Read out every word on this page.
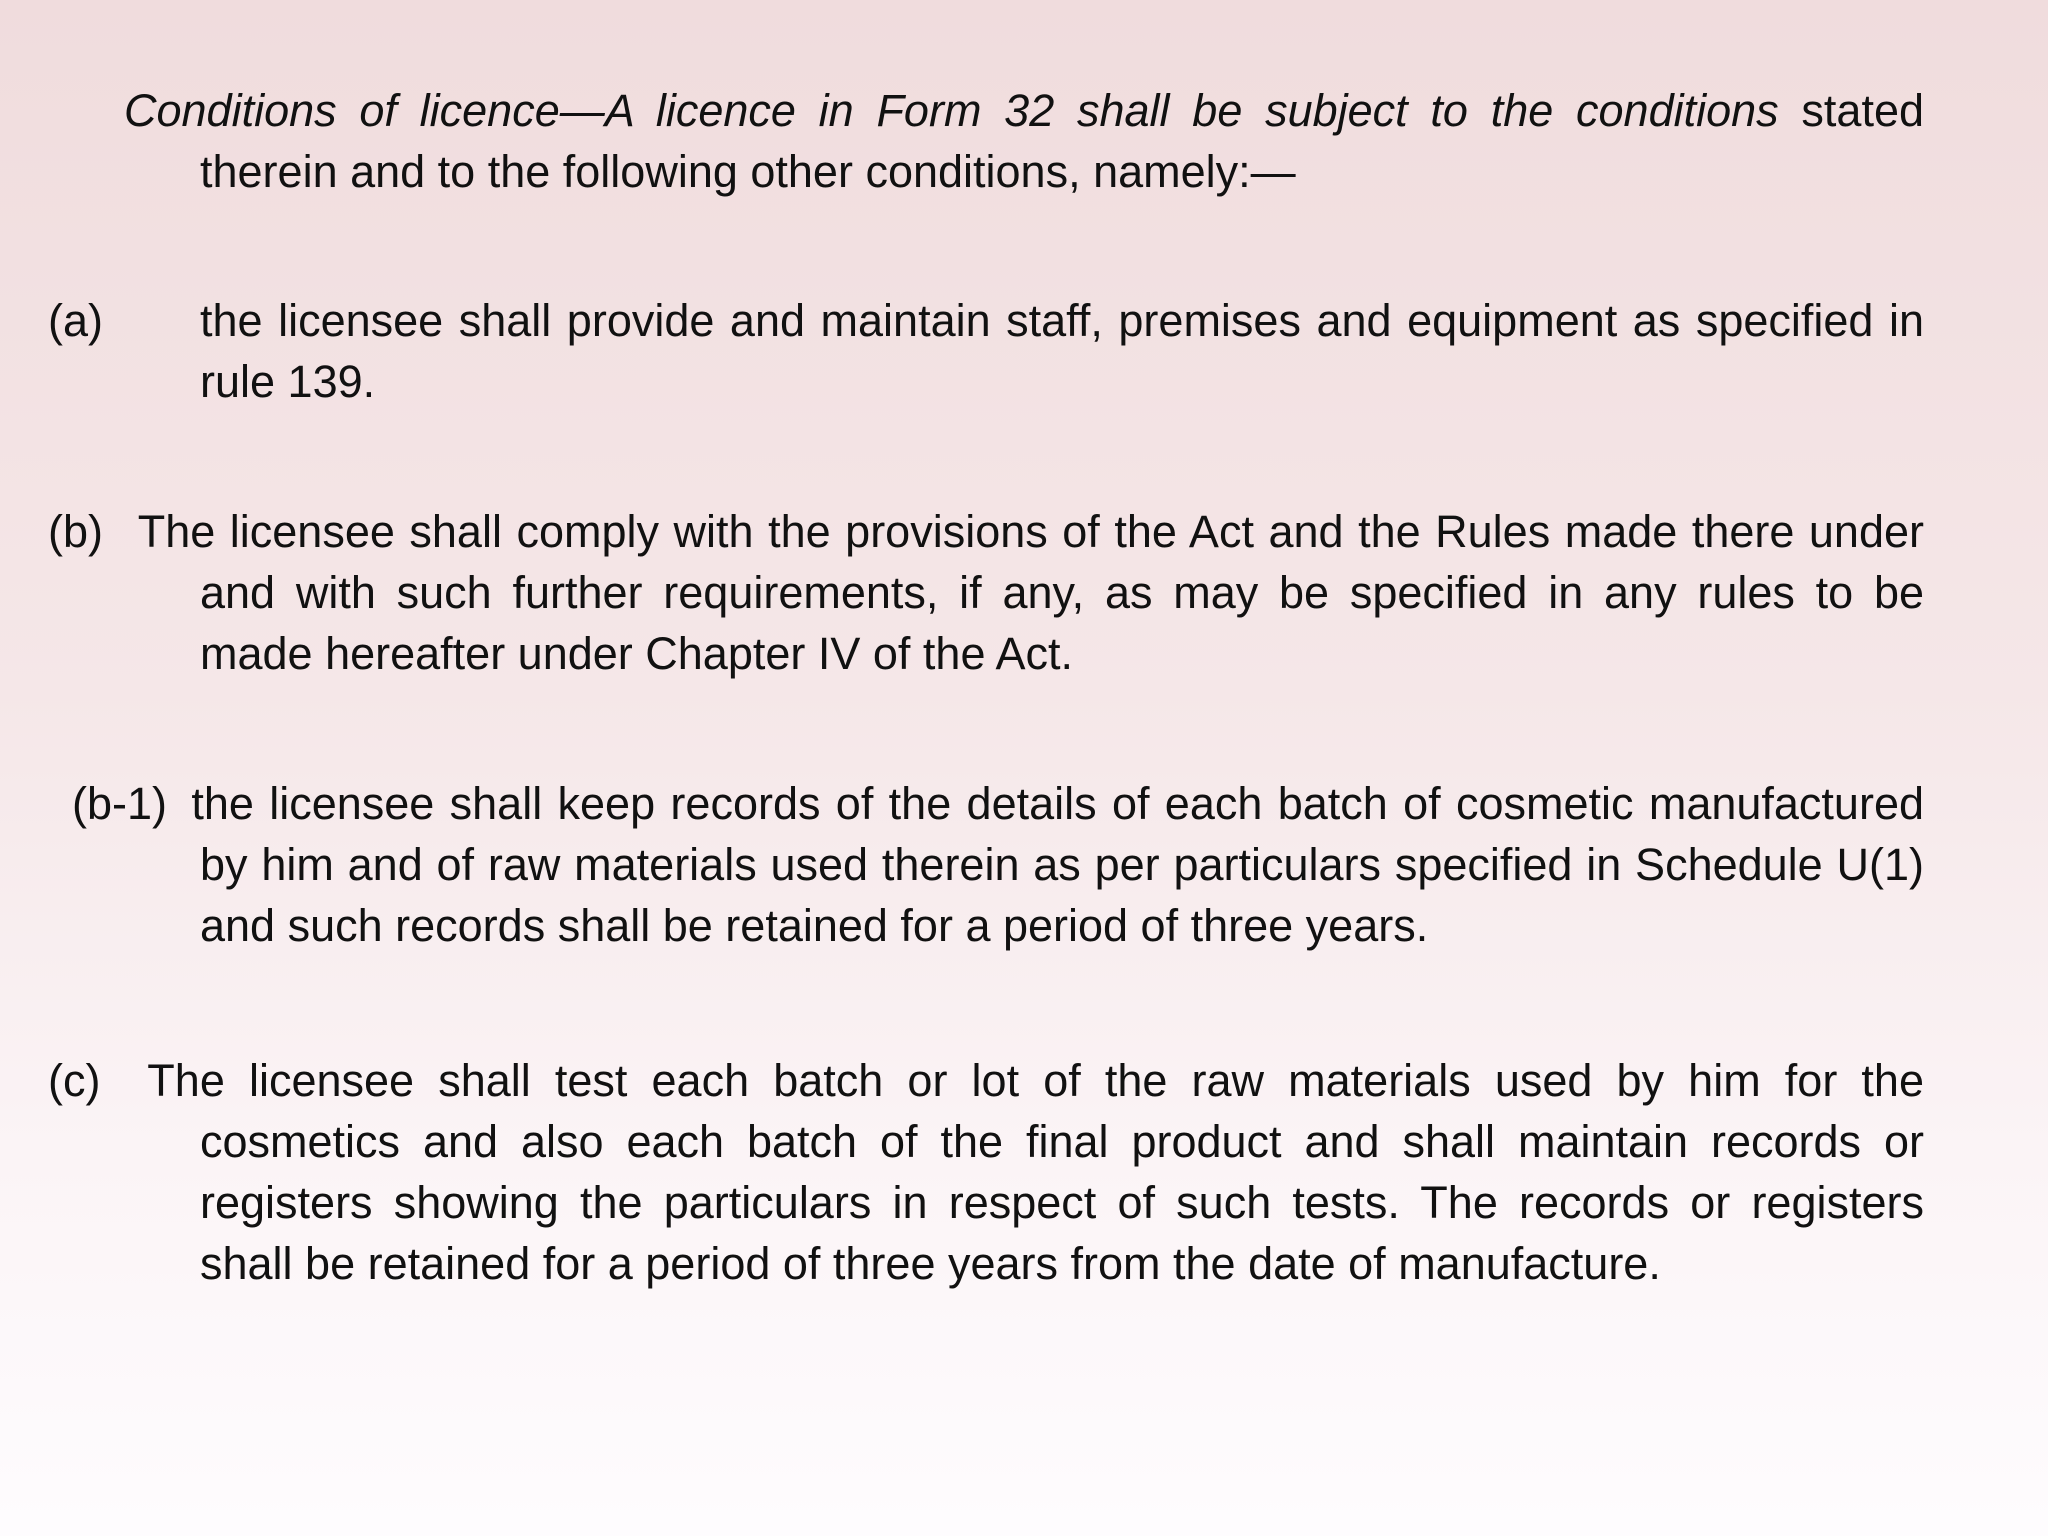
Conditions of licence—A licence in Form 32 shall be subject to the conditions stated therein and to the following other conditions, namely:—

(a) the licensee shall provide and maintain staff, premises and equipment as specified in rule 139.

(b) The licensee shall comply with the provisions of the Act and the Rules made there under and with such further requirements, if any, as may be specified in any rules to be made hereafter under Chapter IV of the Act.

(b-1) the licensee shall keep records of the details of each batch of cosmetic manufactured by him and of raw materials used therein as per particulars specified in Schedule U(1) and such records shall be retained for a period of three years.

(c) The licensee shall test each batch or lot of the raw materials used by him for the cosmetics and also each batch of the final product and shall maintain records or registers showing the particulars in respect of such tests. The records or registers shall be retained for a period of three years from the date of manufacture.
